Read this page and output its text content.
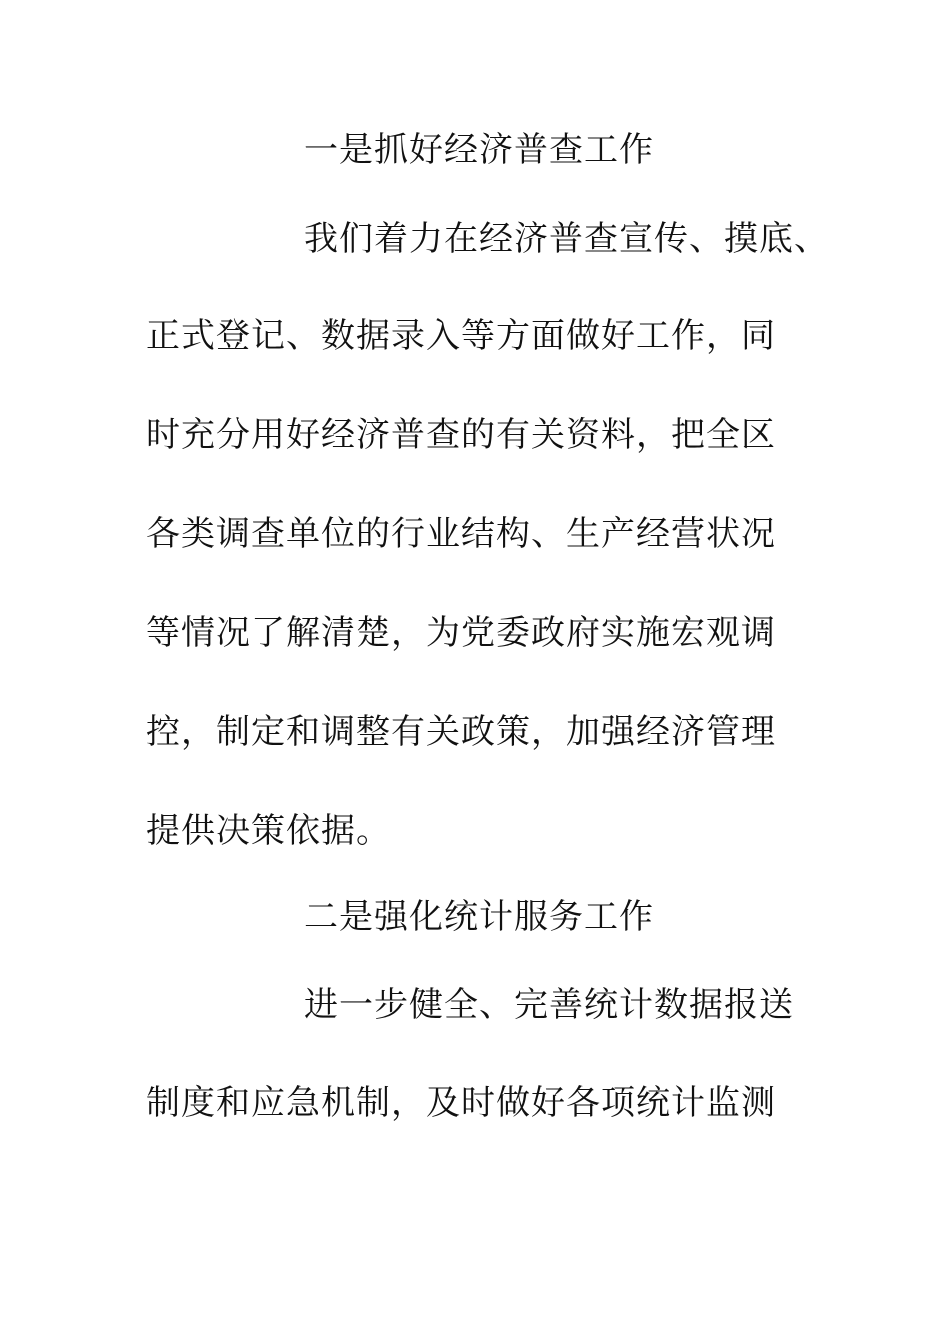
一是抓好经济普查工作
我们着力在经济普查宣传、摸底、
正式登记、数据录入等方面做好工作，同
时充分用好经济普查的有关资料，把全区
各类调查单位的行业结构、生产经营状况
等情况了解清楚，为党委政府实施宏观调
控，制定和调整有关政策，加强经济管理
提供决策依据。
二是强化统计服务工作
进一步健全、完善统计数据报送
制度和应急机制，及时做好各项统计监测
